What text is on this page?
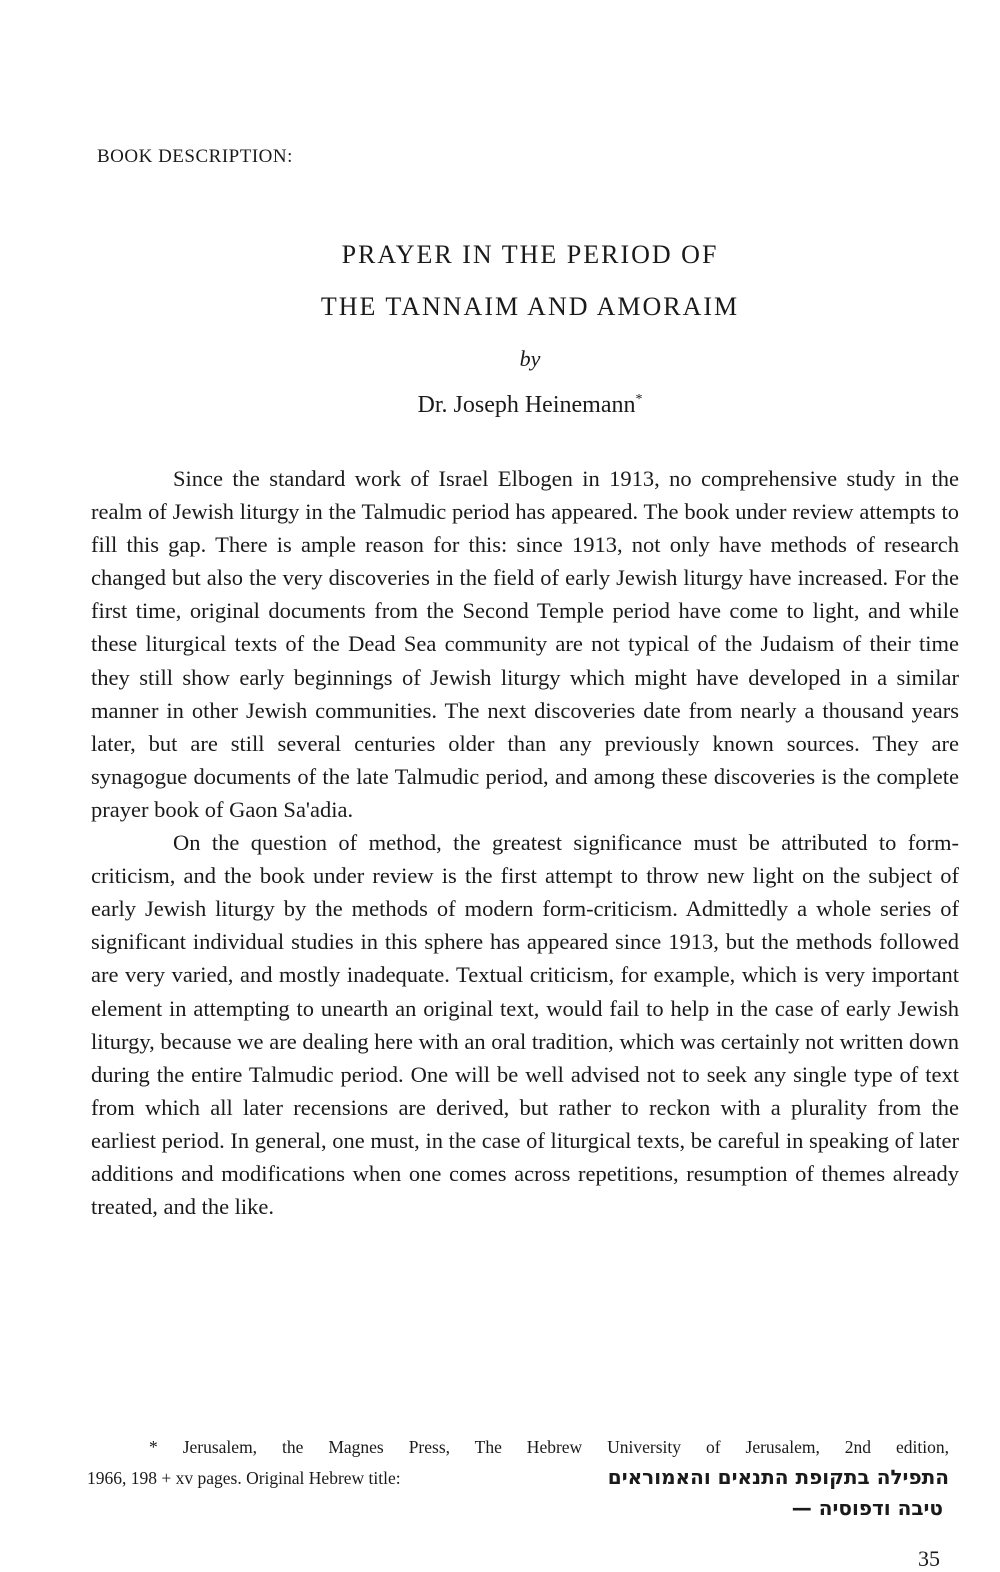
BOOK DESCRIPTION:
PRAYER IN THE PERIOD OF
THE TANNAIM AND AMORAIM
by
Dr. Joseph Heinemann*

Since the standard work of Israel Elbogen in 1913, no comprehensive study in the realm of Jewish liturgy in the Talmudic period has appeared. The book under review attempts to fill this gap. There is ample reason for this: since 1913, not only have methods of research changed but also the very discoveries in the field of early Jewish liturgy have increased. For the first time, original documents from the Second Temple period have come to light, and while these liturgical texts of the Dead Sea community are not typical of the Judaism of their time they still show early beginnings of Jewish liturgy which might have developed in a similar manner in other Jewish communities. The next discoveries date from nearly a thousand years later, but are still several centuries older than any previously known sources. They are synagogue documents of the late Talmudic period, and among these discoveries is the complete prayer book of Gaon Sa'adia.

On the question of method, the greatest significance must be attributed to form-criticism, and the book under review is the first attempt to throw new light on the subject of early Jewish liturgy by the methods of modern form-criticism. Admittedly a whole series of significant individual studies in this sphere has appeared since 1913, but the methods followed are very varied, and mostly inadequate. Textual criticism, for example, which is very important element in attempting to unearth an original text, would fail to help in the case of early Jewish liturgy, because we are dealing here with an oral tradition, which was certainly not written down during the entire Talmudic period. One will be well advised not to seek any single type of text from which all later recensions are derived, but rather to reckon with a plurality from the earliest period. In general, one must, in the case of liturgical texts, be careful in speaking of later additions and modifications when one comes across repetitions, resumption of themes already treated, and the like.

* Jerusalem, the Magnes Press, The Hebrew University of Jerusalem, 2nd edition,
1966, 198 + xv pages. Original Hebrew title:	התפילה בתקופת התנאים והאמוראים
— טיבה ודפוסיה
35
